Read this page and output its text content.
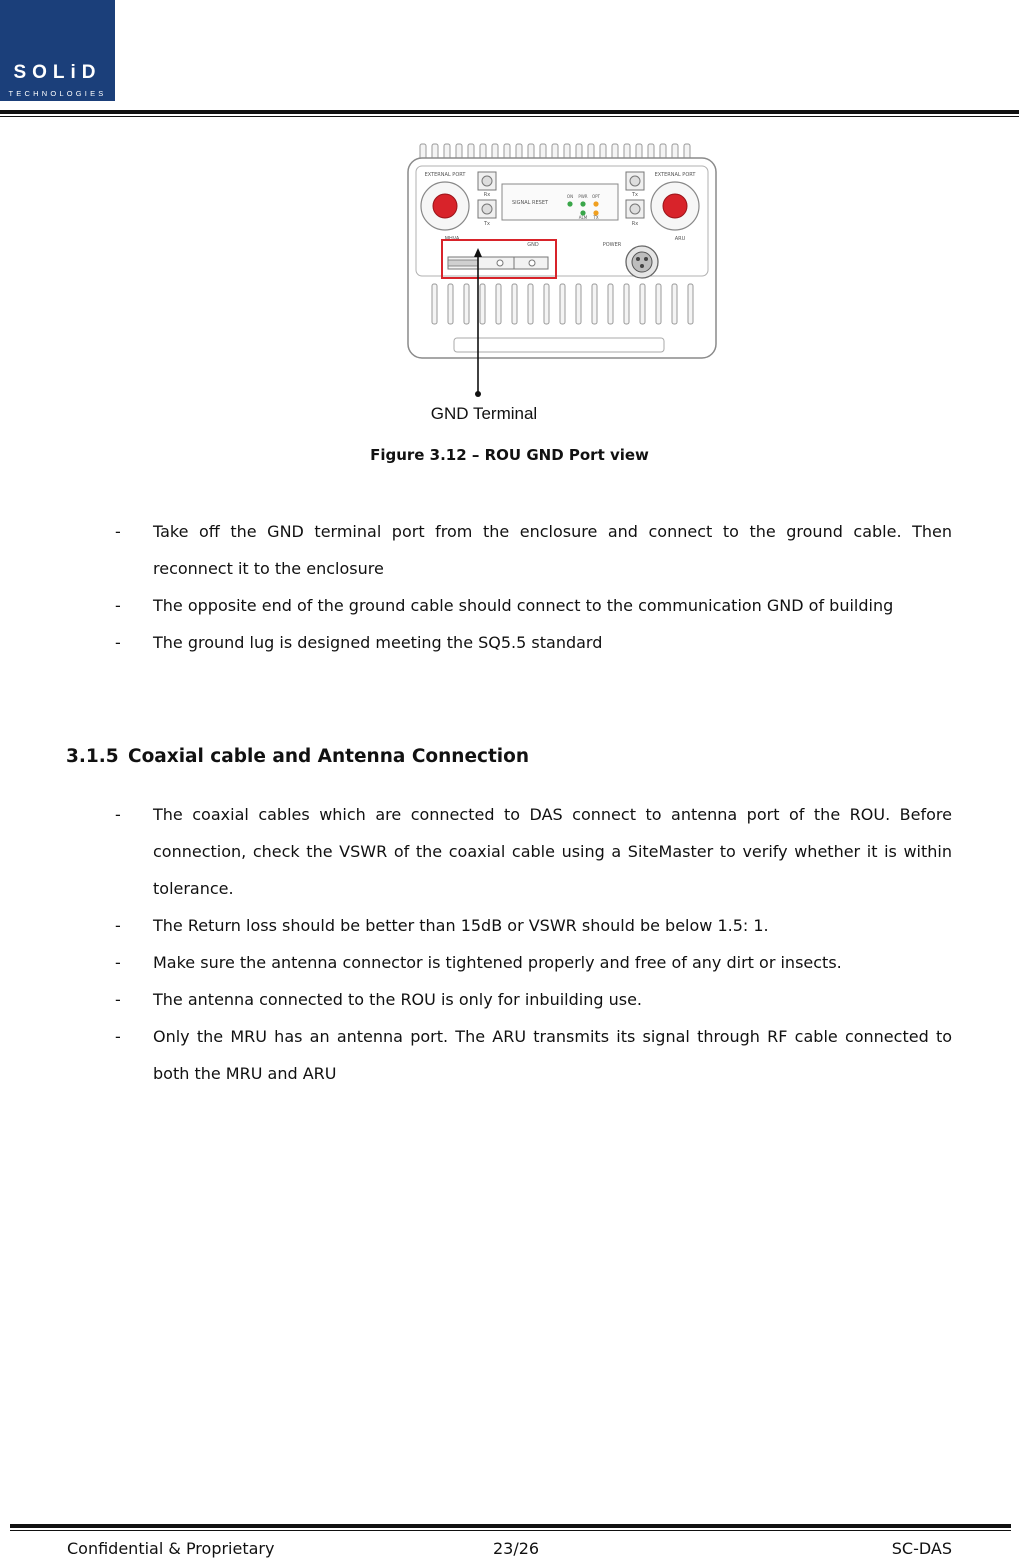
SOLiD
TECHNOLOGIES
EXTERNAL PORT	EXTERNAL PORT
Rx
Tx
Tx
Rx
SIGNAL RESET
ON PWR OPT
ALM TX
MHVA	ARU
GND	POWER
GND Terminal
Figure 3.12 – ROU GND Port view
- Take off the GND terminal port from the enclosure and connect to the ground cable. Then reconnect it to the enclosure
- The opposite end of the ground cable should connect to the communication GND of building
- The ground lug is designed meeting the SQ5.5 standard
3.1.5 Coaxial cable and Antenna Connection
- The coaxial cables which are connected to DAS connect to antenna port of the ROU. Before connection, check the VSWR of the coaxial cable using a SiteMaster to verify whether it is within tolerance.
- The Return loss should be better than 15dB or VSWR should be below 1.5: 1.
- Make sure the antenna connector is tightened properly and free of any dirt or insects.
- The antenna connected to the ROU is only for inbuilding use.
- Only the MRU has an antenna port. The ARU transmits its signal through RF cable connected to both the MRU and ARU
Confidential & Proprietary	23/26	SC-DAS
